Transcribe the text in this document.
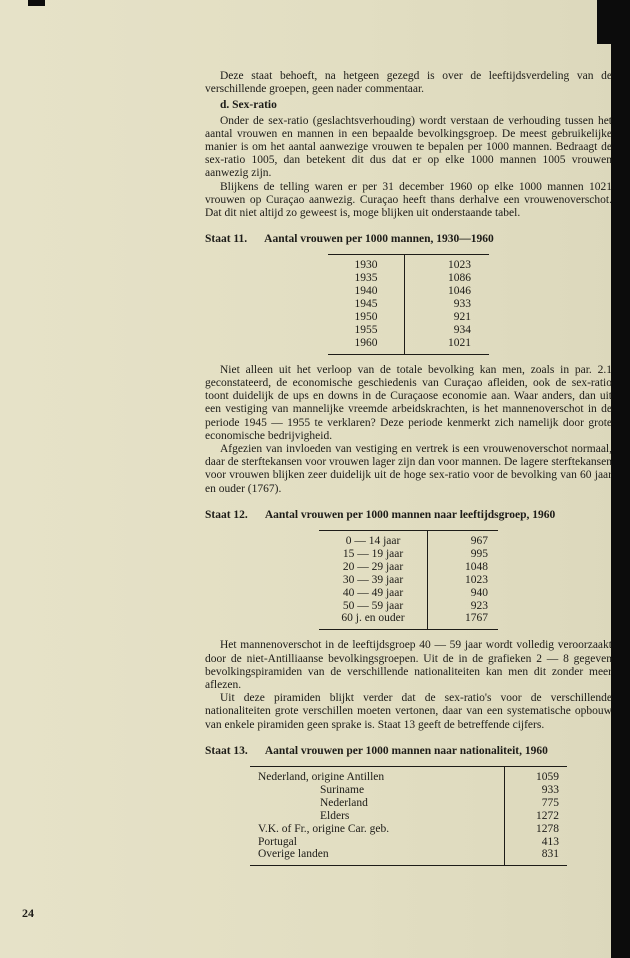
Deze staat behoeft, na hetgeen gezegd is over de leeftijdsverdeling van de verschillende groepen, geen nader commentaar.

d. Sex-ratio

Onder de sex-ratio (geslachtsverhouding) wordt verstaan de verhouding tussen het aantal vrouwen en mannen in een bepaalde bevolkingsgroep. De meest gebruikelijke manier is om het aantal aanwezige vrouwen te bepalen per 1000 mannen. Bedraagt de sex-ratio 1005, dan betekent dit dus dat er op elke 1000 mannen 1005 vrouwen aanwezig zijn.

Blijkens de telling waren er per 31 december 1960 op elke 1000 mannen 1021 vrouwen op Curaçao aanwezig. Curaçao heeft thans derhalve een vrouwenoverschot. Dat dit niet altijd zo geweest is, moge blijken uit onderstaande tabel.

Staat 11. Aantal vrouwen per 1000 mannen, 1930—1960
1930	1023
1935	1086
1940	1046
1945	933
1950	921
1955	934
1960	1021

Niet alleen uit het verloop van de totale bevolking kan men, zoals in par. 2.1 geconstateerd, de economische geschiedenis van Curaçao afleiden, ook de sex-ratio toont duidelijk de ups en downs in de Curaçaose economie aan. Waar anders, dan uit een vestiging van mannelijke vreemde arbeidskrachten, is het mannenoverschot in de periode 1945 — 1955 te verklaren? Deze periode kenmerkt zich namelijk door grote economische bedrijvigheid.

Afgezien van invloeden van vestiging en vertrek is een vrouwenoverschot normaal, daar de sterftekansen voor vrouwen lager zijn dan voor mannen. De lagere sterftekansen voor vrouwen blijken zeer duidelijk uit de hoge sex-ratio voor de bevolking van 60 jaar en ouder (1767).

Staat 12. Aantal vrouwen per 1000 mannen naar leeftijdsgroep, 1960
0 — 14 jaar	967
15 — 19 jaar	995
20 — 29 jaar	1048
30 — 39 jaar	1023
40 — 49 jaar	940
50 — 59 jaar	923
60 j. en ouder	1767

Het mannenoverschot in de leeftijdsgroep 40 — 59 jaar wordt volledig veroorzaakt door de niet-Antilliaanse bevolkingsgroepen. Uit de in de grafieken 2 — 8 gegeven bevolkingspiramiden van de verschillende nationaliteiten kan men dit zonder meer aflezen.

Uit deze piramiden blijkt verder dat de sex-ratio's voor de verschillende nationaliteiten grote verschillen moeten vertonen, daar van een systematische opbouw van enkele piramiden geen sprake is. Staat 13 geeft de betreffende cijfers.

Staat 13. Aantal vrouwen per 1000 mannen naar nationaliteit, 1960
Nederland, origine Antillen	1059
Suriname	933
Nederland	775
Elders	1272
V.K. of Fr., origine Car. geb.	1278
Portugal	413
Overige landen	831
24
